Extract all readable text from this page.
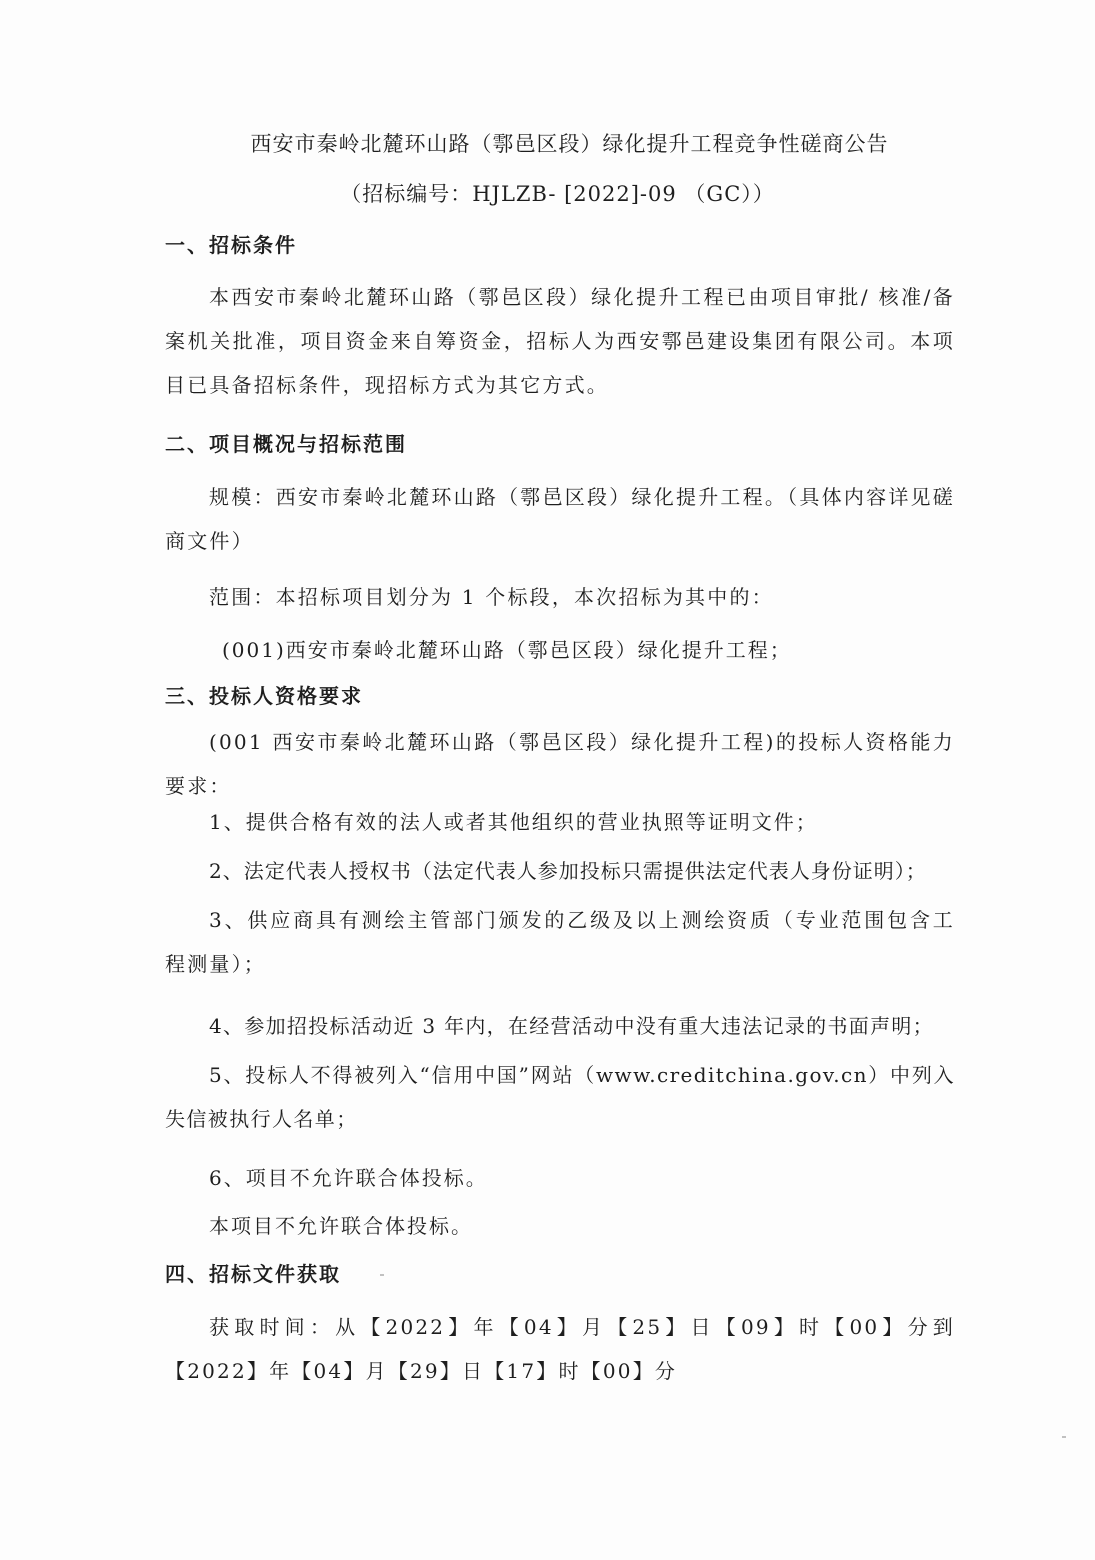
西安市秦岭北麓环山路（鄠邑区段）绿化提升工程竞争性磋商公告
（招标编号：HJLZB- [2022]-09 （GC））
一、招标条件

本西安市秦岭北麓环山路（鄠邑区段）绿化提升工程已由项目审批/ 核准/备案机关批准，项目资金来自筹资金，招标人为西安鄠邑建设集团有限公司。本项目已具备招标条件，现招标方式为其它方式。

二、项目概况与招标范围

规模：西安市秦岭北麓环山路（鄠邑区段）绿化提升工程。（具体内容详见磋商文件）

范围：本招标项目划分为 1 个标段，本次招标为其中的：

(001)西安市秦岭北麓环山路（鄠邑区段）绿化提升工程；
三、投标人资格要求

(001 西安市秦岭北麓环山路（鄠邑区段）绿化提升工程)的投标人资格能力要求：

1、提供合格有效的法人或者其他组织的营业执照等证明文件；
2、法定代表人授权书（法定代表人参加投标只需提供法定代表人身份证明）；

3、供应商具有测绘主管部门颁发的乙级及以上测绘资质（专业范围包含工程测量）；

4、参加招投标活动近 3 年内，在经营活动中没有重大违法记录的书面声明；

5、投标人不得被列入“信用中国”网站（www.creditchina.gov.cn）中列入失信被执行人名单；

6、项目不允许联合体投标。
本项目不允许联合体投标。
四、招标文件获取

获取时间：从【2022】年【04】月【25】日【09】时【00】分到【2022】年【04】月【29】日【17】时【00】分
